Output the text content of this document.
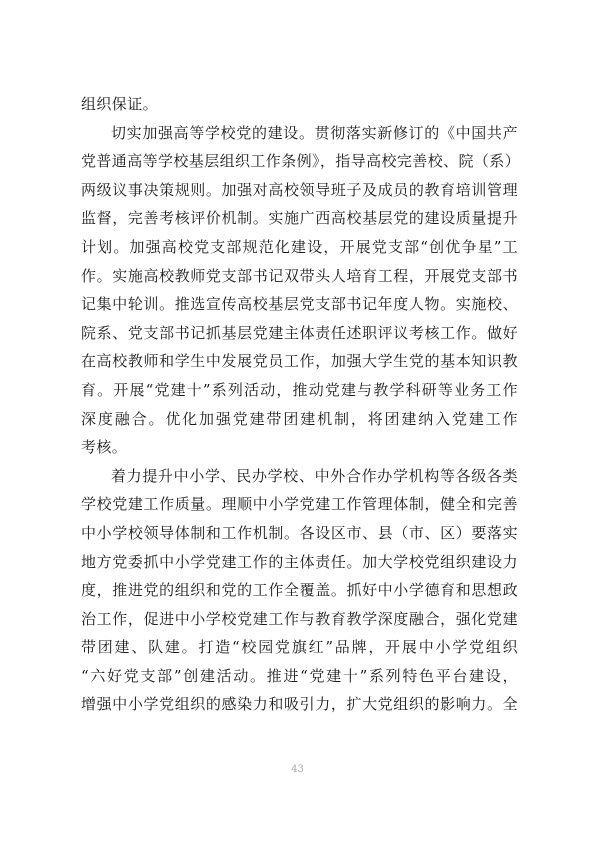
组织保证。
切实加强高等学校党的建设。贯彻落实新修订的《中国共产
党普通高等学校基层组织工作条例》，指导高校完善校、院（系）
两级议事决策规则。加强对高校领导班子及成员的教育培训管理
监督，完善考核评价机制。实施广西高校基层党的建设质量提升
计划。加强高校党支部规范化建设，开展党支部“创优争星”工
作。实施高校教师党支部书记双带头人培育工程，开展党支部书
记集中轮训。推选宣传高校基层党支部书记年度人物。实施校、
院系、党支部书记抓基层党建主体责任述职评议考核工作。做好
在高校教师和学生中发展党员工作，加强大学生党的基本知识教
育。开展“党建十”系列活动，推动党建与教学科研等业务工作
深度融合。优化加强党建带团建机制，将团建纳入党建工作
考核。
着力提升中小学、民办学校、中外合作办学机构等各级各类
学校党建工作质量。理顺中小学党建工作管理体制，健全和完善
中小学校领导体制和工作机制。各设区市、县（市、区）要落实
地方党委抓中小学党建工作的主体责任。加大学校党组织建设力
度，推进党的组织和党的工作全覆盖。抓好中小学德育和思想政
治工作，促进中小学校党建工作与教育教学深度融合，强化党建
带团建、队建。打造“校园党旗红”品牌，开展中小学党组织
“六好党支部”创建活动。推进“党建十”系列特色平台建设，
增强中小学党组织的感染力和吸引力，扩大党组织的影响力。全
43
